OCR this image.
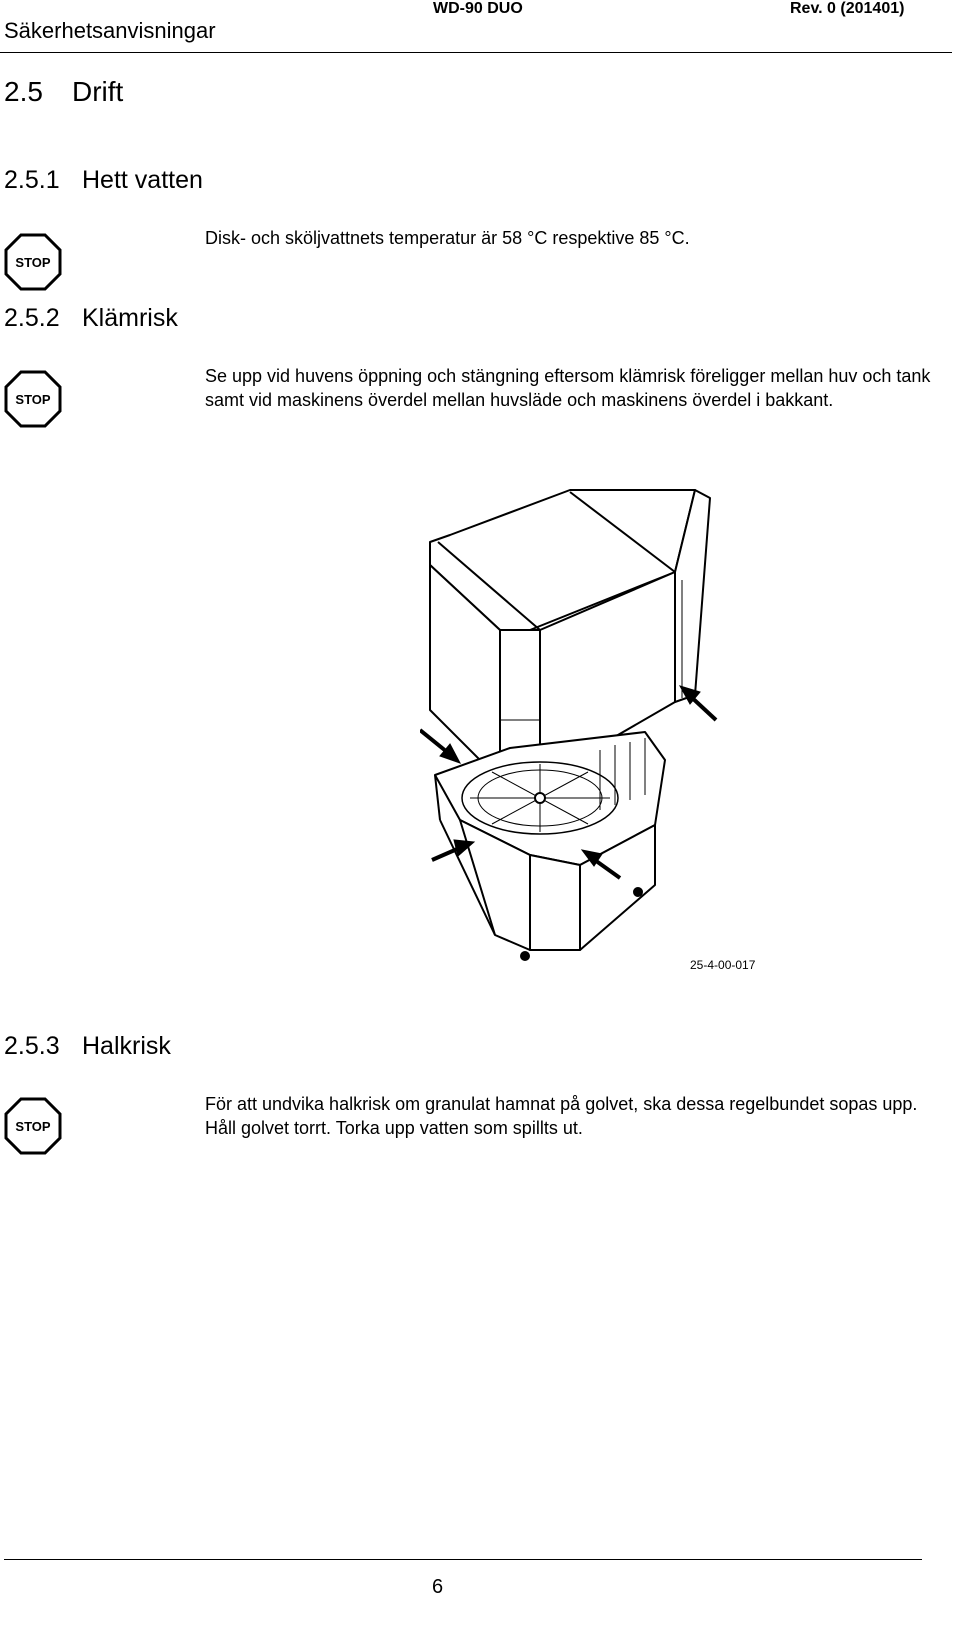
Säkerhetsanvisningar
WD-90 DUO	Rev. 0 (201401)
2.5 Drift
2.5.1 Hett vatten
STOP
Disk- och sköljvattnets temperatur är 58 °C respektive 85 °C.
2.5.2 Klämrisk
STOP
Se upp vid huvens öppning och stängning eftersom klämrisk föreligger mellan huv och tank samt vid maskinens överdel mellan huvsläde och maskinens överdel i bakkant.
25-4-00-017
2.5.3 Halkrisk
STOP
För att undvika halkrisk om granulat hamnat på golvet, ska dessa regelbundet sopas upp. Håll golvet torrt. Torka upp vatten som spillts ut.
6
